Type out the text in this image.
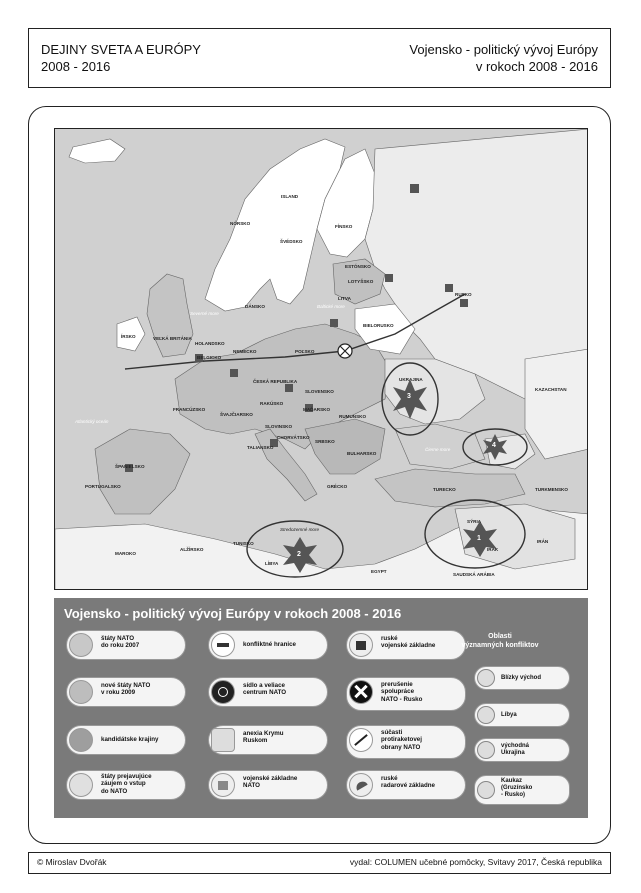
DEJINY SVETA A EURÓPY
2008 - 2016
Vojensko - politický vývoj Európy
v rokoch 2008 - 2016
ISLAND
NÓRSKO
ŠVÉDSKO
FÍNSKO
ESTÓNSKO
LOTYŠSKO
LITVA
BIELORUSKO
RUSKO
DÁNSKO
ÍRSKO	VEĽKÁ BRITÁNIA
HOLANDSKO
BELGICKO
NEMECKO	POĽSKO
UKRAJINA
ČESKÁ REPUBLIKA
SLOVENSKO
FRANCÚZSKO
ŠVAJČIARSKO
RAKÚSKO
MAĎARSKO
RUMUNSKO
SLOVINSKO
CHORVÁTSKO
SRBSKO
BULHARSKO
TALIANSKO
ŠPANIELSKO
PORTUGALSKO	GRÉCKO
TURECKO
KAZACHSTAN
TURKMENSKO
SÝRIA
IRAK
IRÁN
MAROKO
ALŽÍRSKO
TUNISKO
LÍBYA
EGYPT
SAUDSKÁ ARÁBIA
Severné more
Baltické more
Atlantický oceán
Čierne more
Stredozemné more
3
4
1
2
Vojensko - politický vývoj Európy v rokoch 2008 - 2016
štáty NATO
do roku 2007
nové štáty NATO
v roku 2009
kandidátske krajiny
štáty prejavujúce
záujem o vstup
do NATO
konfliktné hranice
sídlo a veliace
centrum NATO
anexia Krymu
Ruskom
vojenské základne
NATO
ruské
vojenské základne
prerušenie
spolupráce
NATO - Rusko
súčasti
protiraketovej
obrany NATO
ruské
radarové základne
Oblasti
významných konfliktov
Blízky východ
Líbya
východná
Ukrajina
Kaukaz
(Gruzínsko
- Rusko)
© Miroslav Dvořák	vydal: COLUMEN učebné pomôcky, Svitavy 2017, Česká republika
